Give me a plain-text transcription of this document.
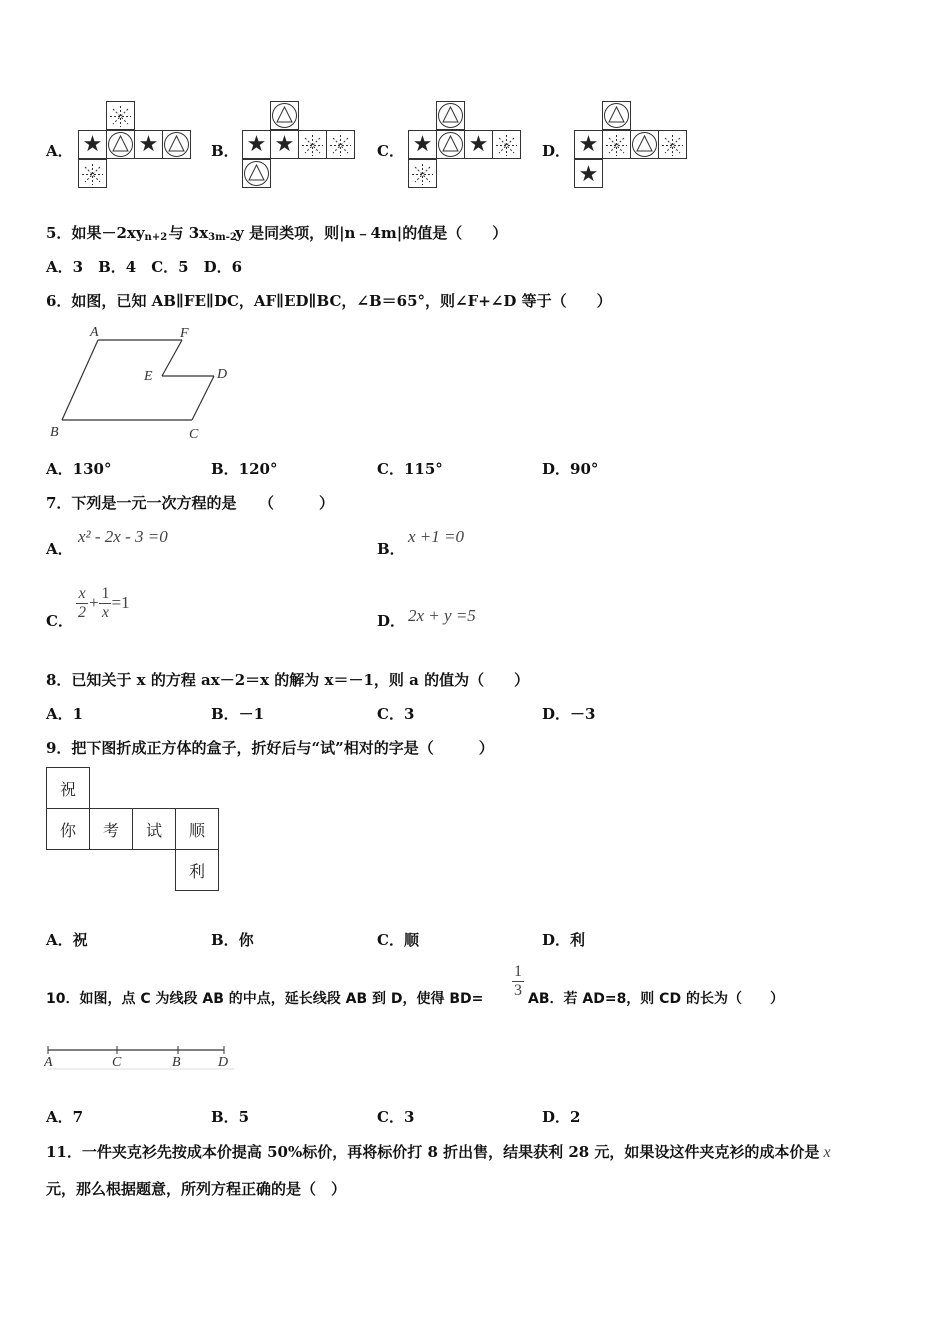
A． ★ ★	B． ★ ★	C． ★ ★	D． ★
★
5．如果－2xy n+2 与 3x 3m-2
y 是同类项，则|n﹣4m|的值是（　　）
A．3　B．4　C．5　D．6
6．如图，已知 AB∥FE∥DC，AF∥ED∥BC，∠B＝65°，则∠F+∠D 等于（　　）
A	F
E	D
B	C
A．130°	B．120°	C．115°	D．90°
7．下列是一元一次方程的是　　（　　　）
A．
x² - 2x - 3 =0
B．
x +1 =0
C． $\frac{x}{2} + \frac{1}{x} =1$
D． 2x + y =5
8．已知关于 x 的方程 ax－2＝x 的解为 x＝－1，则 a 的值为（　　）
A．1	B．－1	C．3	D．－3
9．把下图折成正方体的盒子，折好后与“试”相对的字是（　　　）
祝			
你	考	试	顺
			利
A．祝	B．你	C．顺	D．利
10．如图，点 C 为线段 AB 的中点，延长线段 AB 到 D，使得 $BD= \frac{1}{3}$ AB．若 AD=8，则 CD 的长为（　　）
A	C	B	D
A．7	B．5	C．3	D．2
11．一件夹克衫先按成本价提高 50%标价，再将标价打 8 折出售，结果获利 28 元，如果设这件夹克衫的成本价是 x
元，那么根据题意，所列方程正确的是（　）
